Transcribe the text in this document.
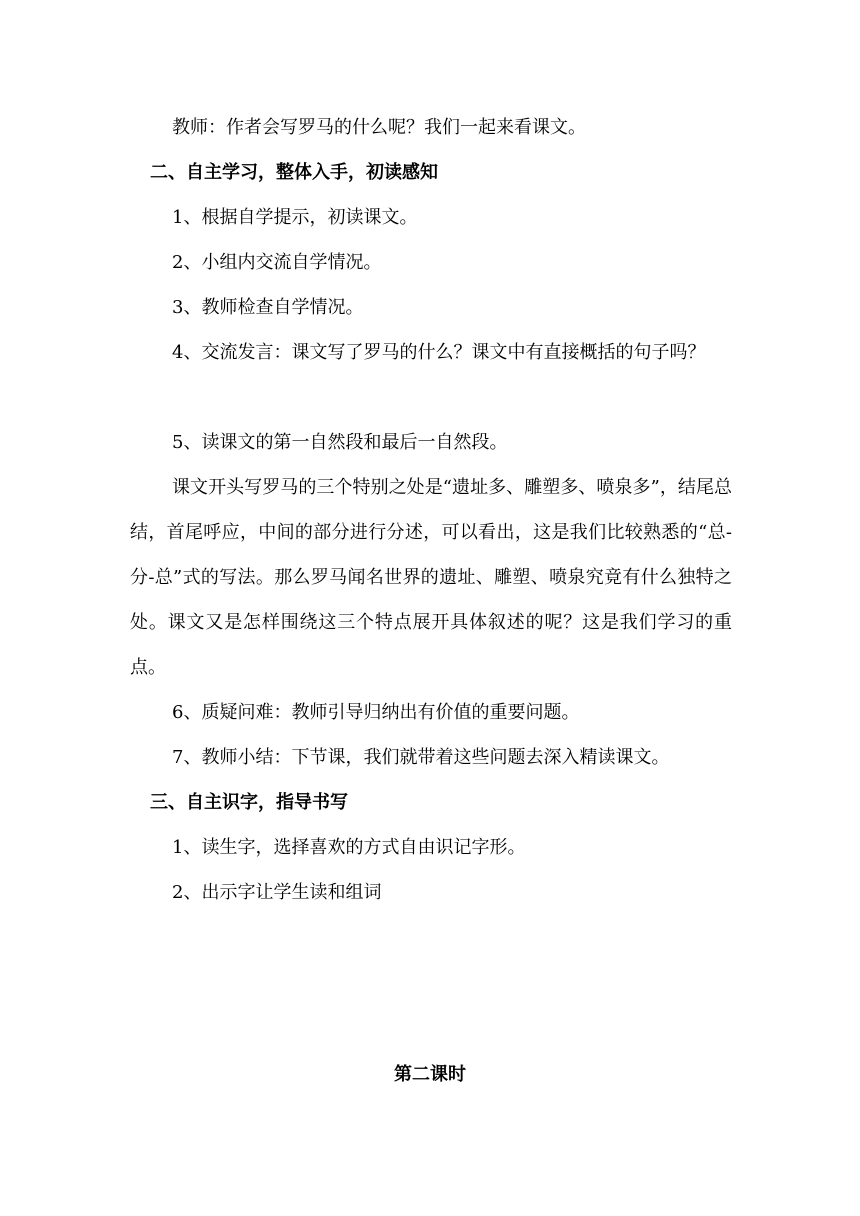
教师：作者会写罗马的什么呢？我们一起来看课文。
二、自主学习，整体入手，初读感知
1、根据自学提示，初读课文。
2、小组内交流自学情况。
3、教师检查自学情况。
4、交流发言：课文写了罗马的什么？课文中有直接概括的句子吗？
5、读课文的第一自然段和最后一自然段。
课文开头写罗马的三个特别之处是“遗址多、雕塑多、喷泉多”，结尾总结，首尾呼应，中间的部分进行分述，可以看出，这是我们比较熟悉的“总-分-总”式的写法。那么罗马闻名世界的遗址、雕塑、喷泉究竟有什么独特之处。课文又是怎样围绕这三个特点展开具体叙述的呢？这是我们学习的重点。
6、质疑问难：教师引导归纳出有价值的重要问题。
7、教师小结：下节课，我们就带着这些问题去深入精读课文。
三、自主识字，指导书写
1、读生字，选择喜欢的方式自由识记字形。
2、出示字让学生读和组词
第二课时
